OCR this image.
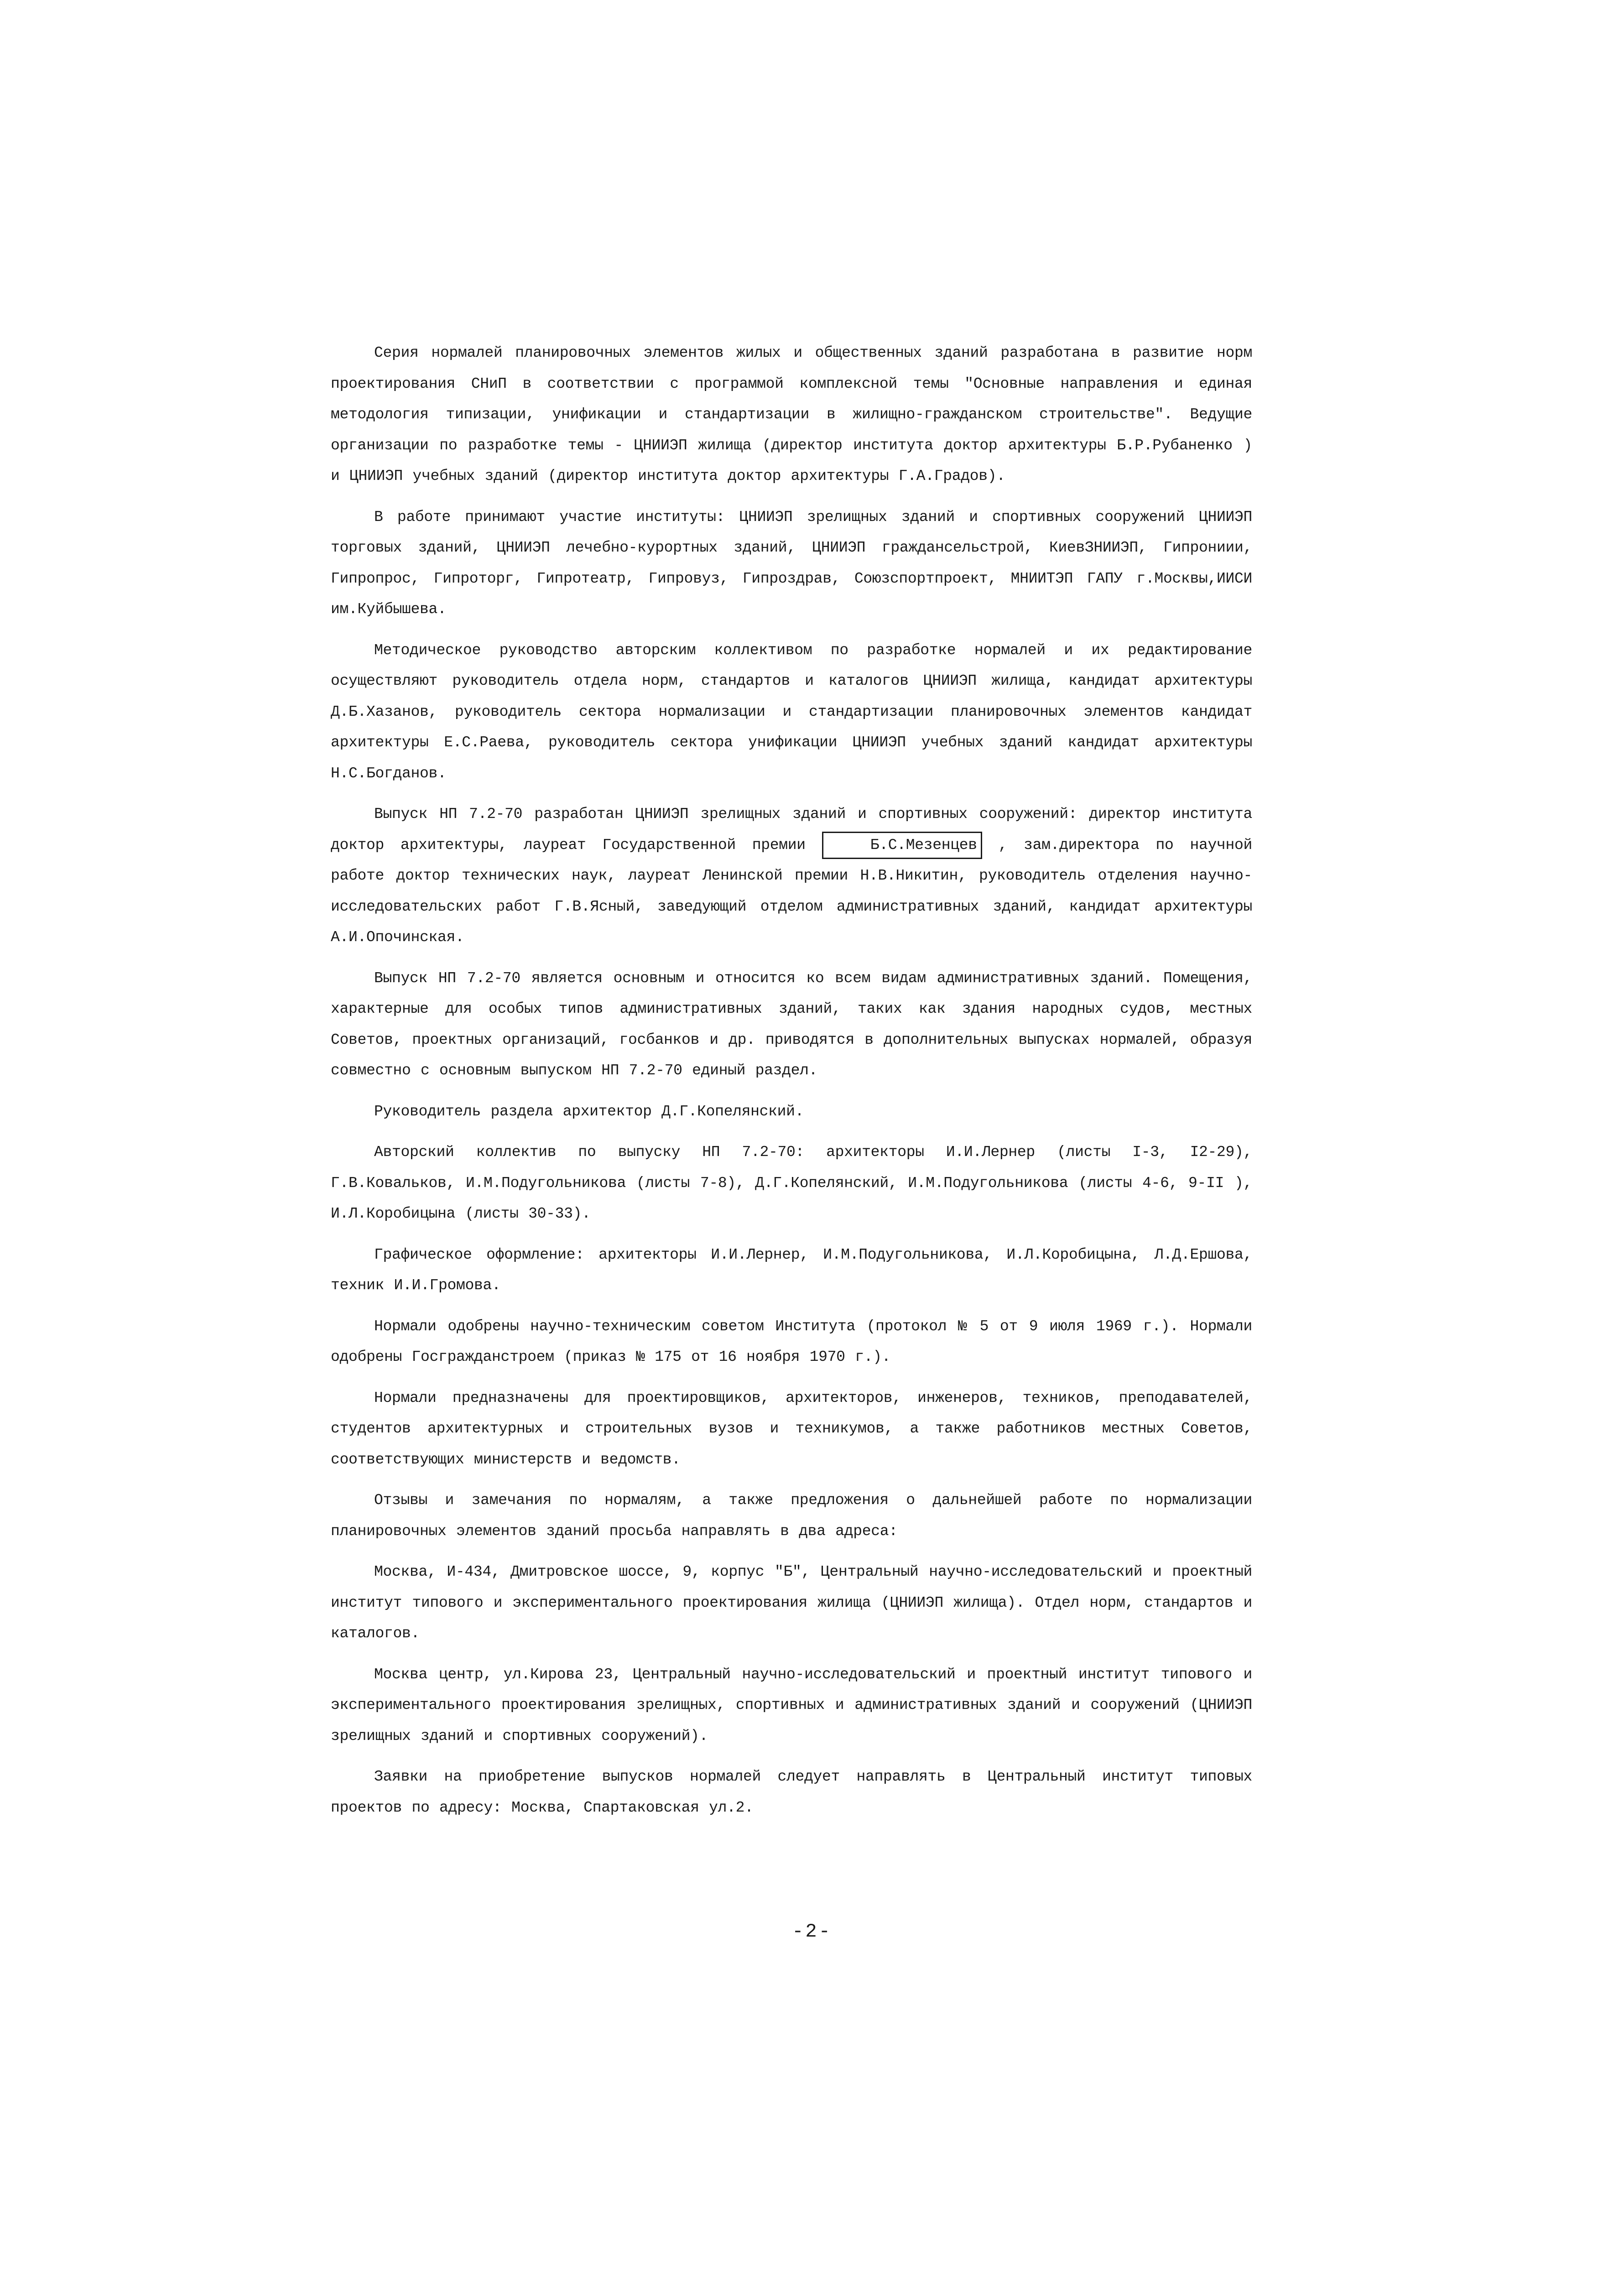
Серия нормалей планировочных элементов жилых и общественных зданий разработана в развитие норм проектирования СНиП в соответствии с программой комплексной темы "Основные направления и единая методология типизации, унификации и стандартизации в жилищно-гражданском строительстве". Ведущие организации по разработке темы - ЦНИИЭП жилища (директор института доктор архитектуры Б.Р.Рубаненко ) и ЦНИИЭП учебных зданий (директор института доктор архитектуры Г.А.Градов).

В работе принимают участие институты: ЦНИИЭП зрелищных зданий и спортивных сооружений ЦНИИЭП торговых зданий, ЦНИИЭП лечебно-курортных зданий, ЦНИИЭП граждансельстрой, КиевЗНИИЭП, Гипрониии, Гипропрос, Гипроторг, Гипротеатр, Гипровуз, Гипроздрав, Союзспортпроект, МНИИТЭП ГАПУ г.Москвы,ИИСИ им.Куйбышева.

Методическое руководство авторским коллективом по разработке нормалей и их редактирование осуществляют руководитель отдела норм, стандартов и каталогов ЦНИИЭП жилища, кандидат архитектуры Д.Б.Хазанов, руководитель сектора нормализации и стандартизации планировочных элементов кандидат архитектуры Е.С.Раева, руководитель сектора унификации ЦНИИЭП учебных зданий кандидат архитектуры Н.С.Богданов.

Выпуск НП 7.2-70 разработан ЦНИИЭП зрелищных зданий и спортивных сооружений: директор института доктор архитектуры, лауреат Государственной премии	Б.С.Мезенцев , зам.директора по научной работе доктор технических наук, лауреат Ленинской премии Н.В.Никитин, руководитель отделения научно-исследовательских работ Г.В.Ясный, заведующий отделом административных зданий, кандидат архитектуры А.И.Опочинская.

Выпуск НП 7.2-70 является основным и относится ко всем видам административных зданий. Помещения, характерные для особых типов административных зданий, таких как здания народных судов, местных Советов, проектных организаций, госбанков и др. приводятся в дополнительных выпусках нормалей, образуя совместно с основным выпуском НП 7.2-70 единый раздел.

Руководитель раздела архитектор Д.Г.Копелянский.

Авторский коллектив по выпуску НП 7.2-70: архитекторы И.И.Лернер (листы I-3, I2-29), Г.В.Ковальков, И.М.Подугольникова (листы 7-8), Д.Г.Копелянский, И.М.Подугольникова (листы 4-6, 9-II ), И.Л.Коробицына (листы 30-33).

Графическое оформление: архитекторы И.И.Лернер, И.М.Подугольникова, И.Л.Коробицына, Л.Д.Ершова, техник И.И.Громова.

Нормали одобрены научно-техническим советом Института (протокол № 5 от 9 июля 1969 г.). Нормали одобрены Госгражданстроем (приказ № 175 от 16 ноября 1970 г.).

Нормали предназначены для проектировщиков, архитекторов, инженеров, техников, преподавателей, студентов архитектурных и строительных вузов и техникумов, а также работников местных Советов, соответствующих министерств и ведомств.

Отзывы и замечания по нормалям, а также предложения о дальнейшей работе по нормализации планировочных элементов зданий просьба направлять в два адреса:

Москва, И-434, Дмитровское шоссе, 9, корпус "Б", Центральный научно-исследовательский и проектный институт типового и экспериментального проектирования жилища (ЦНИИЭП жилища). Отдел норм, стандартов и каталогов.

Москва центр, ул.Кирова 23, Центральный научно-исследовательский и проектный институт типового и экспериментального проектирования зрелищных, спортивных и административных зданий и сооружений (ЦНИИЭП зрелищных зданий и спортивных сооружений).

Заявки на приобретение выпусков нормалей следует направлять в Центральный институт типовых проектов по адресу: Москва, Спартаковская ул.2.

-2-
